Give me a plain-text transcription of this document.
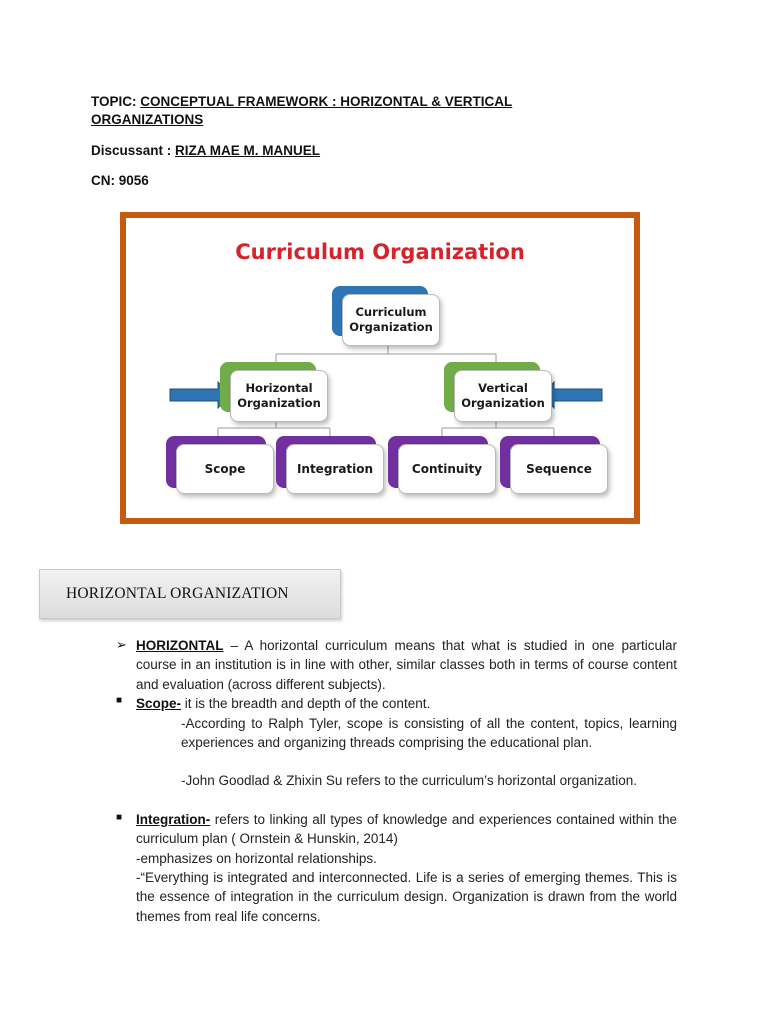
TOPIC: CONCEPTUAL FRAMEWORK : HORIZONTAL & VERTICAL ORGANIZATIONS
Discussant : RIZA MAE M. MANUEL
CN: 9056
Curriculum Organization
Curriculum Organization
Horizontal Organization
Vertical Organization
Scope	Integration	Continuity	Sequence
HORIZONTAL ORGANIZATION
➢ HORIZONTAL – A horizontal curriculum means that what is studied in one particular course in an institution is in line with other, similar classes both in terms of course content and evaluation (across different subjects).
■ Scope- it is the breadth and depth of the content.
-According to Ralph Tyler, scope is consisting of all the content, topics, learning experiences and organizing threads comprising the educational plan.
-John Goodlad & Zhixin Su refers to the curriculum’s horizontal organization.
■ Integration- refers to linking all types of knowledge and experiences contained within the curriculum plan ( Ornstein & Hunskin, 2014)
-emphasizes on horizontal relationships.
-“Everything is integrated and interconnected. Life is a series of emerging themes. This is the essence of integration in the curriculum design. Organization is drawn from the world themes from real life concerns.
